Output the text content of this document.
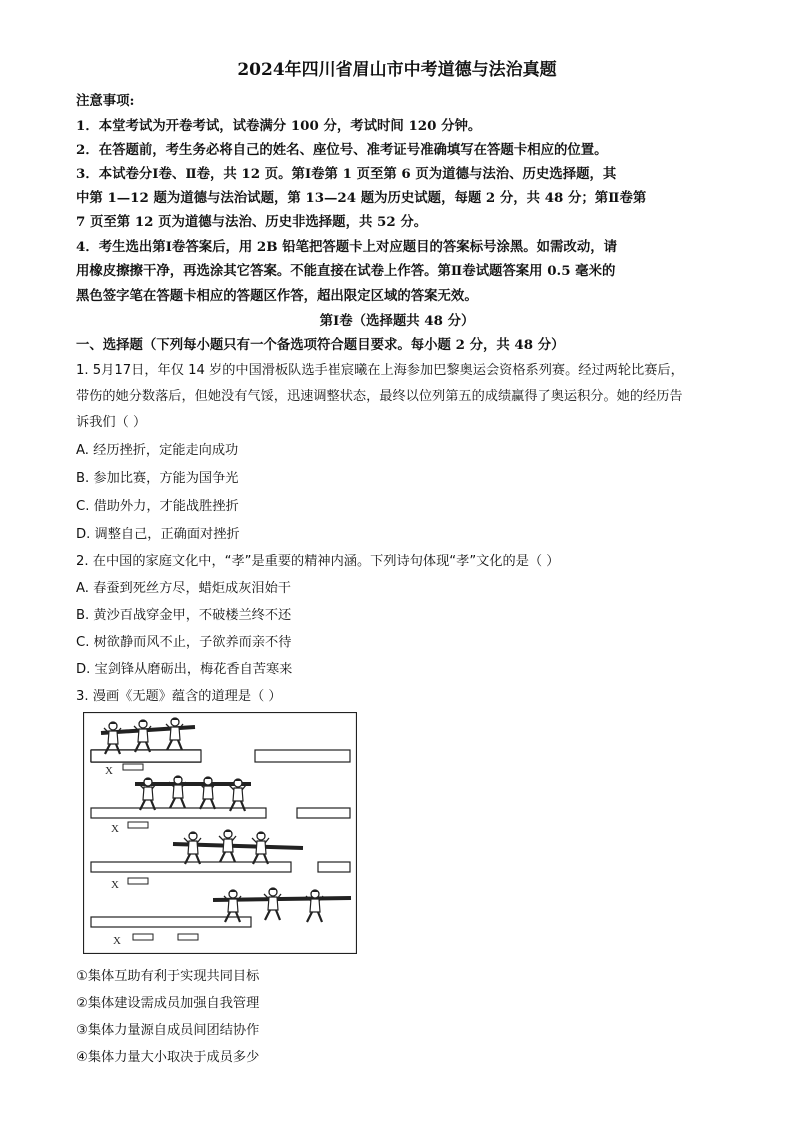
2024年四川省眉山市中考道德与法治真题
注意事项:
1．本堂考试为开卷考试，试卷满分 100 分，考试时间 120 分钟。
2．在答题前，考生务必将自己的姓名、座位号、准考证号准确填写在答题卡相应的位置。
3．本试卷分Ⅰ卷、Ⅱ卷，共 12 页。第Ⅰ卷第 1 页至第 6 页为道德与法治、历史选择题，其
中第 1—12 题为道德与法治试题，第 13—24 题为历史试题，每题 2 分，共 48 分；第Ⅱ卷第
7 页至第 12 页为道德与法治、历史非选择题，共 52 分。
4．考生选出第Ⅰ卷答案后，用 2B 铅笔把答题卡上对应题目的答案标号涂黑。如需改动，请
用橡皮擦擦干净，再选涂其它答案。不能直接在试卷上作答。第Ⅱ卷试题答案用 0.5 毫米的
黑色签字笔在答题卡相应的答题区作答，超出限定区域的答案无效。
第Ⅰ卷（选择题共 48 分）
一、选择题（下列每小题只有一个备选项符合题目要求。每小题 2 分，共 48 分）
1. 5月17日，年仅 14 岁的中国滑板队选手崔宸曦在上海参加巴黎奥运会资格系列赛。经过两轮比赛后，
带伤的她分数落后，但她没有气馁，迅速调整状态，最终以位列第五的成绩赢得了奥运积分。她的经历告
诉我们（ ）
A. 经历挫折，定能走向成功
B. 参加比赛，方能为国争光
C. 借助外力，才能战胜挫折
D. 调整自己，正确面对挫折
2. 在中国的家庭文化中，“孝”是重要的精神内涵。下列诗句体现“孝”文化的是（ ）
A. 春蚕到死丝方尽，蜡炬成灰泪始干
B. 黄沙百战穿金甲，不破楼兰终不还
C. 树欲静而风不止，子欲养而亲不待
D. 宝剑锋从磨砺出，梅花香自苦寒来
3. 漫画《无题》蕴含的道理是（ ）
X
X
X
X
①集体互助有利于实现共同目标
②集体建设需成员加强自我管理
③集体力量源自成员间团结协作
④集体力量大小取决于成员多少
